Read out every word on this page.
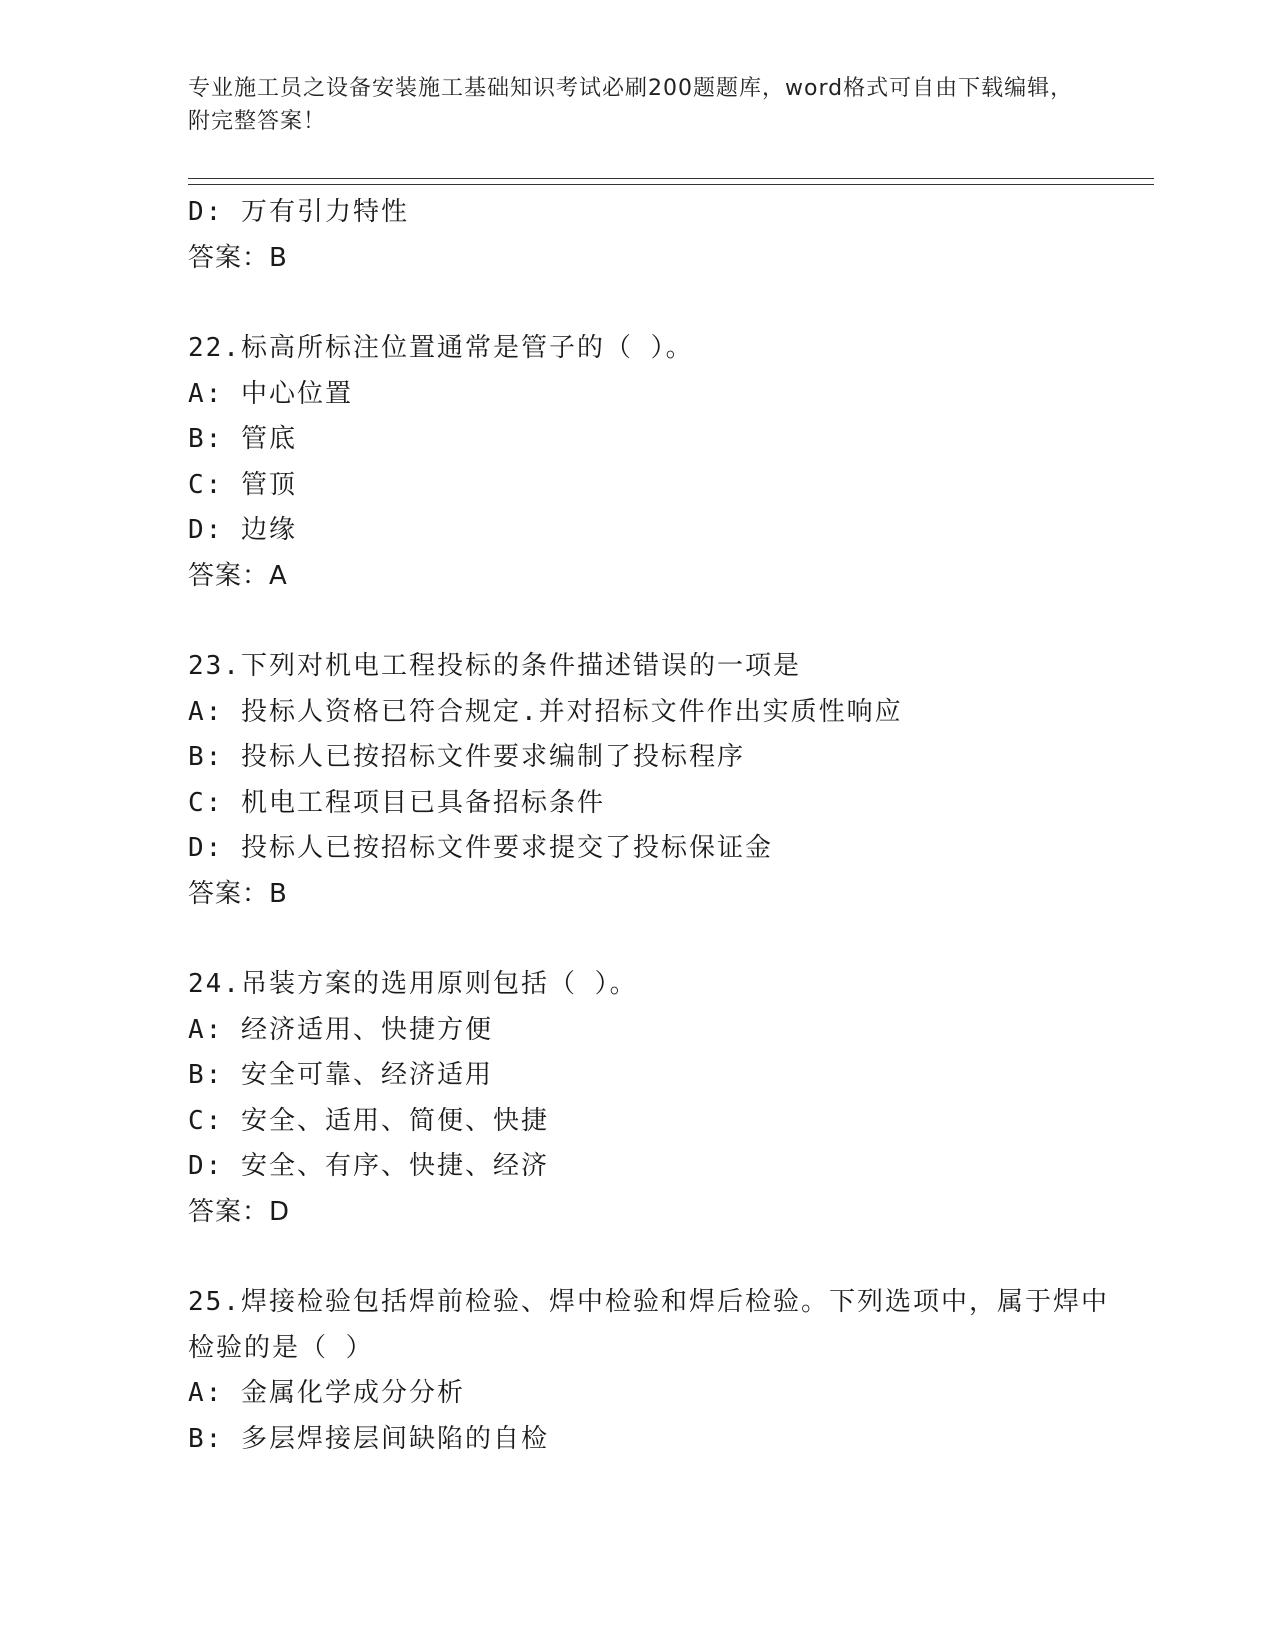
专业施工员之设备安装施工基础知识考试必刷200题题库，word格式可自由下载编辑，附完整答案！
D: 万有引力特性
答案：B
22.标高所标注位置通常是管子的（ ）。
A: 中心位置
B: 管底
C: 管顶
D: 边缘
答案：A
23.下列对机电工程投标的条件描述错误的一项是
A: 投标人资格已符合规定.并对招标文件作出实质性响应
B: 投标人已按招标文件要求编制了投标程序
C: 机电工程项目已具备招标条件
D: 投标人已按招标文件要求提交了投标保证金
答案：B
24.吊装方案的选用原则包括（ ）。
A: 经济适用、快捷方便
B: 安全可靠、经济适用
C: 安全、适用、简便、快捷
D: 安全、有序、快捷、经济
答案：D
25.焊接检验包括焊前检验、焊中检验和焊后检验。下列选项中，属于焊中检验的是（ ）
A: 金属化学成分分析
B: 多层焊接层间缺陷的自检
